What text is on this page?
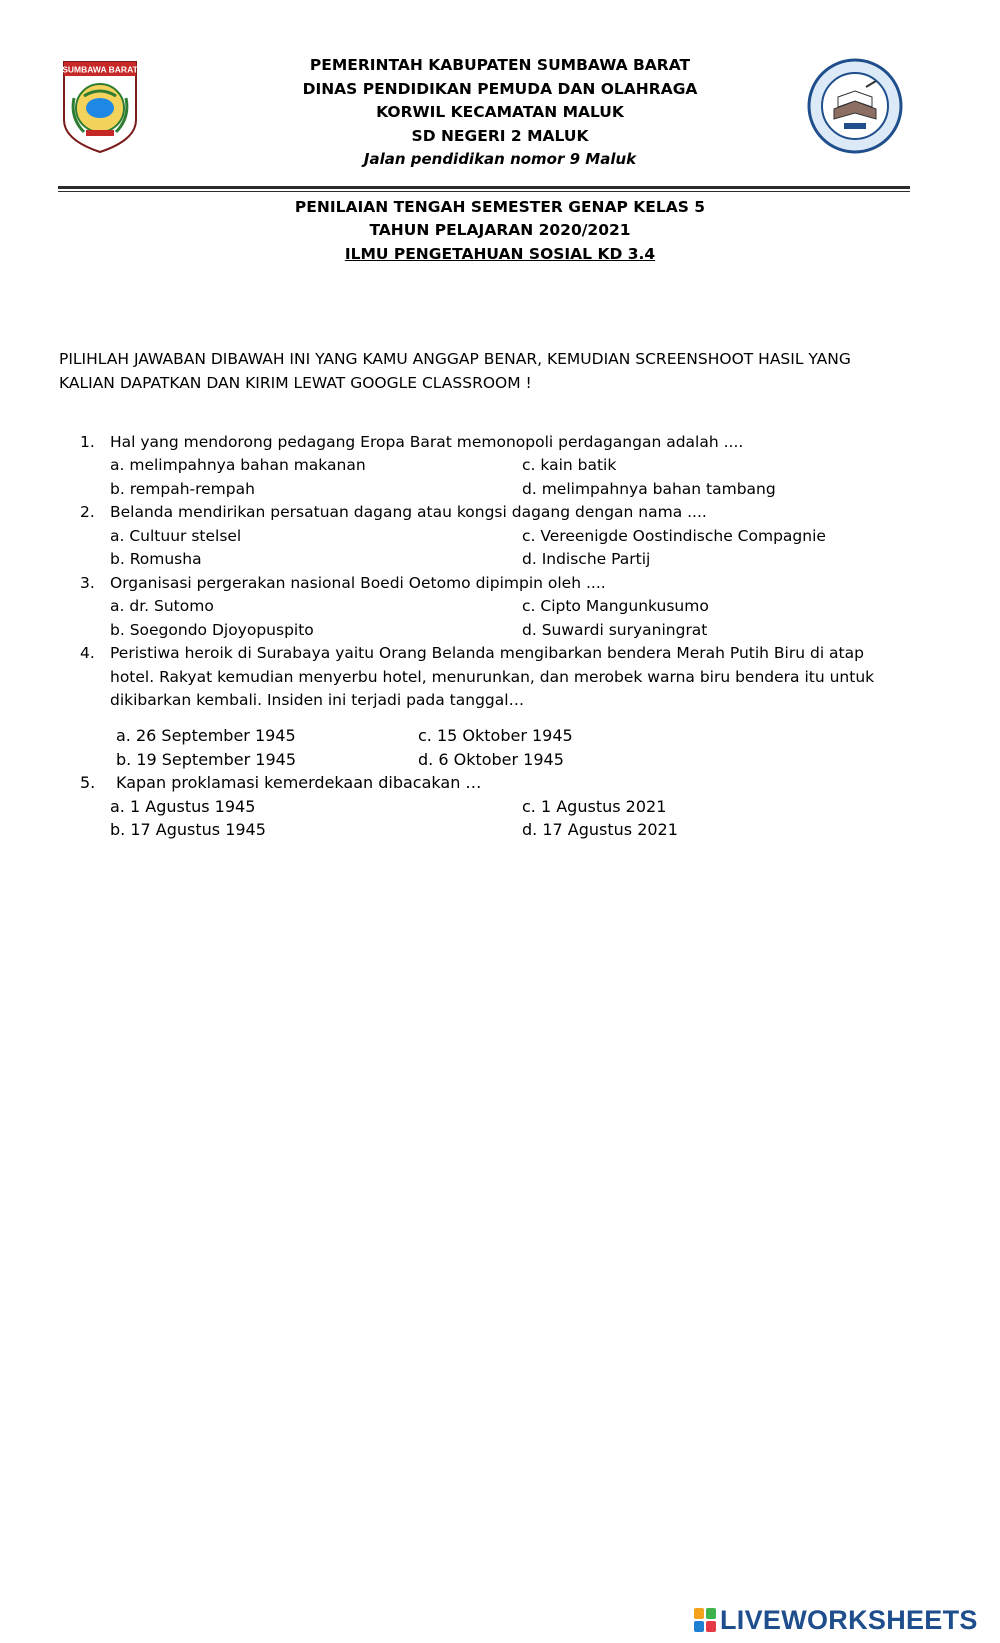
SUMBAWA BARAT	PEMERINTAH KABUPATEN SUMBAWA BARAT
DINAS PENDIDIKAN PEMUDA DAN OLAHRAGA
KORWIL KECAMATAN MALUK
SD NEGERI 2 MALUK
Jalan pendidikan nomor 9 Maluk
PENILAIAN TENGAH SEMESTER GENAP KELAS 5
TAHUN PELAJARAN 2020/2021
ILMU PENGETAHUAN SOSIAL KD 3.4
PILIHLAH JAWABAN DIBAWAH INI YANG KAMU ANGGAP BENAR, KEMUDIAN SCREENSHOOT HASIL YANG
KALIAN DAPATKAN DAN KIRIM LEWAT GOOGLE CLASSROOM !
1. Hal yang mendorong pedagang Eropa Barat memonopoli perdagangan adalah ....
a. melimpahnya bahan makanan	c. kain batik
b. rempah-rempah	d. melimpahnya bahan tambang
2. Belanda mendirikan persatuan dagang atau kongsi dagang dengan nama ....
a. Cultuur stelsel	c. Vereenigde Oostindische Compagnie
b. Romusha	d. Indische Partij
3. Organisasi pergerakan nasional Boedi Oetomo dipimpin oleh ....
a. dr. Sutomo	c. Cipto Mangunkusumo
b. Soegondo Djoyopuspito	d. Suwardi suryaningrat
4. Peristiwa heroik di Surabaya yaitu Orang Belanda mengibarkan bendera Merah Putih Biru di atap
hotel. Rakyat kemudian menyerbu hotel, menurunkan, dan merobek warna biru bendera itu untuk
dikibarkan kembali. Insiden ini terjadi pada tanggal…
a. 26 September 1945	c. 15 Oktober 1945
b. 19 September 1945	d. 6 Oktober 1945
5. Kapan proklamasi kemerdekaan dibacakan …
a. 1 Agustus 1945	c. 1 Agustus 2021
b. 17 Agustus 1945	d. 17 Agustus 2021
LIVEWORKSHEETS
